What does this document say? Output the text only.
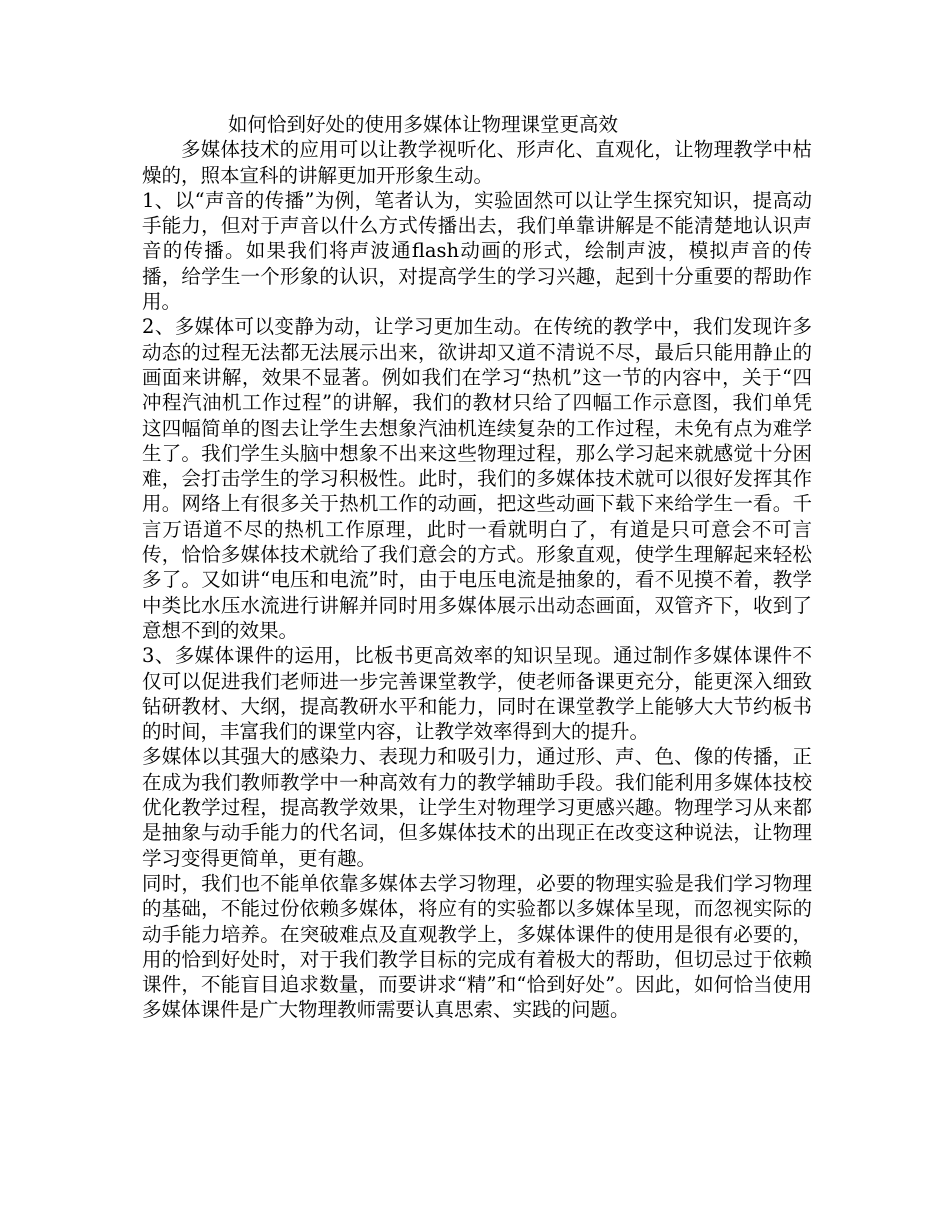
如何恰到好处的使用多媒体让物理课堂更高效

多媒体技术的应用可以让教学视听化、形声化、直观化，让物理教学中枯燥的，照本宣科的讲解更加开形象生动。

1、以“声音的传播”为例，笔者认为，实验固然可以让学生探究知识，提高动手能力，但对于声音以什么方式传播出去，我们单靠讲解是不能清楚地认识声音的传播。如果我们将声波通flash动画的形式，绘制声波，模拟声音的传播，给学生一个形象的认识，对提高学生的学习兴趣，起到十分重要的帮助作用。

2、多媒体可以变静为动，让学习更加生动。在传统的教学中，我们发现许多动态的过程无法都无法展示出来，欲讲却又道不清说不尽，最后只能用静止的画面来讲解，效果不显著。例如我们在学习“热机”这一节的内容中，关于“四冲程汽油机工作过程”的讲解，我们的教材只给了四幅工作示意图，我们单凭这四幅简单的图去让学生去想象汽油机连续复杂的工作过程，未免有点为难学生了。我们学生头脑中想象不出来这些物理过程，那么学习起来就感觉十分困难，会打击学生的学习积极性。此时，我们的多媒体技术就可以很好发挥其作用。网络上有很多关于热机工作的动画，把这些动画下载下来给学生一看。千言万语道不尽的热机工作原理，此时一看就明白了，有道是只可意会不可言传，恰恰多媒体技术就给了我们意会的方式。形象直观，使学生理解起来轻松多了。又如讲“电压和电流”时，由于电压电流是抽象的，看不见摸不着，教学中类比水压水流进行讲解并同时用多媒体展示出动态画面，双管齐下，收到了意想不到的效果。

3、多媒体课件的运用，比板书更高效率的知识呈现。通过制作多媒体课件不仅可以促进我们老师进一步完善课堂教学，使老师备课更充分，能更深入细致钻研教材、大纲，提高教研水平和能力，同时在课堂教学上能够大大节约板书的时间，丰富我们的课堂内容，让教学效率得到大的提升。

多媒体以其强大的感染力、表现力和吸引力，通过形、声、色、像的传播，正在成为我们教师教学中一种高效有力的教学辅助手段。我们能利用多媒体技校优化教学过程，提高教学效果，让学生对物理学习更感兴趣。物理学习从来都是抽象与动手能力的代名词，但多媒体技术的出现正在改变这种说法，让物理学习变得更简单，更有趣。

同时，我们也不能单依靠多媒体去学习物理，必要的物理实验是我们学习物理的基础，不能过份依赖多媒体，将应有的实验都以多媒体呈现，而忽视实际的动手能力培养。在突破难点及直观教学上，多媒体课件的使用是很有必要的，用的恰到好处时，对于我们教学目标的完成有着极大的帮助，但切忌过于依赖课件，不能盲目追求数量，而要讲求“精”和“恰到好处”。因此，如何恰当使用多媒体课件是广大物理教师需要认真思索、实践的问题。
